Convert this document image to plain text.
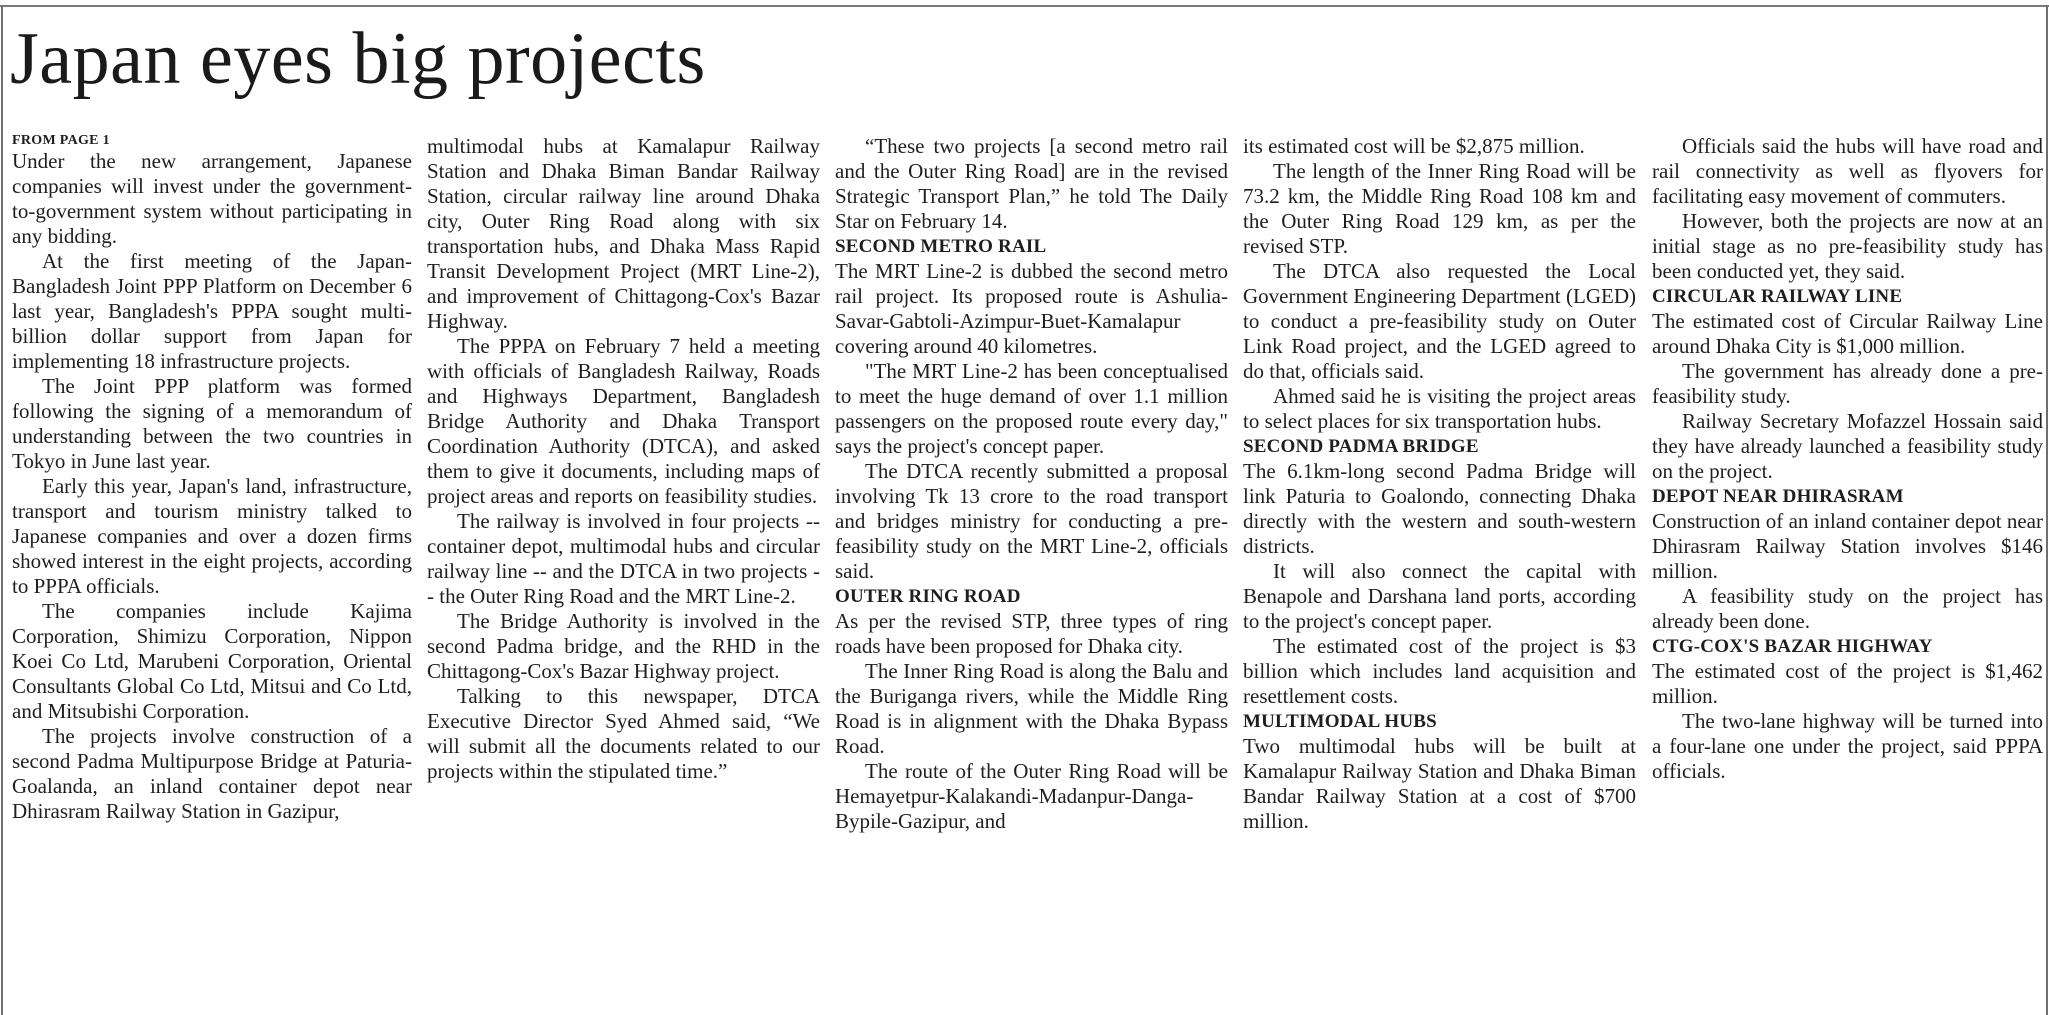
Japan eyes big projects
FROM PAGE 1

Under the new arrangement, Japanese companies will invest under the government-to-government system without participating in any bidding.

At the first meeting of the Japan-Bangladesh Joint PPP Platform on December 6 last year, Bangladesh's PPPA sought multi-billion dollar support from Japan for implementing 18 infrastructure projects.

The Joint PPP platform was formed following the signing of a memorandum of understanding between the two countries in Tokyo in June last year.

Early this year, Japan's land, infrastructure, transport and tourism ministry talked to Japanese companies and over a dozen firms showed interest in the eight projects, according to PPPA officials.

The companies include Kajima Corporation, Shimizu Corporation, Nippon Koei Co Ltd, Marubeni Corporation, Oriental Consultants Global Co Ltd, Mitsui and Co Ltd, and Mitsubishi Corporation.

The projects involve construction of a second Padma Multipurpose Bridge at Paturia-Goalanda, an inland container depot near Dhirasram Railway Station in Gazipur,

multimodal hubs at Kamalapur Railway Station and Dhaka Biman Bandar Railway Station, circular railway line around Dhaka city, Outer Ring Road along with six transportation hubs, and Dhaka Mass Rapid Transit Development Project (MRT Line-2), and improvement of Chittagong-Cox's Bazar Highway.

The PPPA on February 7 held a meeting with officials of Bangladesh Railway, Roads and Highways Department, Bangladesh Bridge Authority and Dhaka Transport Coordination Authority (DTCA), and asked them to give it documents, including maps of project areas and reports on feasibility studies.

The railway is involved in four projects -- container depot, multimodal hubs and circular railway line -- and the DTCA in two projects -- the Outer Ring Road and the MRT Line-2.

The Bridge Authority is involved in the second Padma bridge, and the RHD in the Chittagong-Cox's Bazar Highway project.

Talking to this newspaper, DTCA Executive Director Syed Ahmed said, “We will submit all the documents related to our projects within the stipulated time.”

“These two projects [a second metro rail and the Outer Ring Road] are in the revised Strategic Transport Plan,” he told The Daily Star on February 14.

SECOND METRO RAIL

The MRT Line-2 is dubbed the second metro rail project. Its proposed route is Ashulia-Savar-Gabtoli-Azimpur-Buet-Kamalapur covering around 40 kilometres.

"The MRT Line-2 has been conceptualised to meet the huge demand of over 1.1 million passengers on the proposed route every day," says the project's concept paper.

The DTCA recently submitted a proposal involving Tk 13 crore to the road transport and bridges ministry for conducting a pre-feasibility study on the MRT Line-2, officials said.

OUTER RING ROAD

As per the revised STP, three types of ring roads have been proposed for Dhaka city.

The Inner Ring Road is along the Balu and the Buriganga rivers, while the Middle Ring Road is in alignment with the Dhaka Bypass Road.

The route of the Outer Ring Road will be Hemayetpur-Kalakandi-Madanpur-Danga-Bypile-Gazipur, and

its estimated cost will be $2,875 million.

The length of the Inner Ring Road will be 73.2 km, the Middle Ring Road 108 km and the Outer Ring Road 129 km, as per the revised STP.

The DTCA also requested the Local Government Engineering Department (LGED) to conduct a pre-feasibility study on Outer Link Road project, and the LGED agreed to do that, officials said.

Ahmed said he is visiting the project areas to select places for six transportation hubs.

SECOND PADMA BRIDGE

The 6.1km-long second Padma Bridge will link Paturia to Goalondo, connecting Dhaka directly with the western and south-western districts.

It will also connect the capital with Benapole and Darshana land ports, according to the project's concept paper.

The estimated cost of the project is $3 billion which includes land acquisition and resettlement costs.

MULTIMODAL HUBS

Two multimodal hubs will be built at Kamalapur Railway Station and Dhaka Biman Bandar Railway Station at a cost of $700 million.

Officials said the hubs will have road and rail connectivity as well as flyovers for facilitating easy movement of commuters.

However, both the projects are now at an initial stage as no pre-feasibility study has been conducted yet, they said.

CIRCULAR RAILWAY LINE

The estimated cost of Circular Railway Line around Dhaka City is $1,000 million.

The government has already done a pre-feasibility study.

Railway Secretary Mofazzel Hossain said they have already launched a feasibility study on the project.

DEPOT NEAR DHIRASRAM

Construction of an inland container depot near Dhirasram Railway Station involves $146 million.

A feasibility study on the project has already been done.

CTG-COX'S BAZAR HIGHWAY

The estimated cost of the project is $1,462 million.

The two-lane highway will be turned into a four-lane one under the project, said PPPA officials.
